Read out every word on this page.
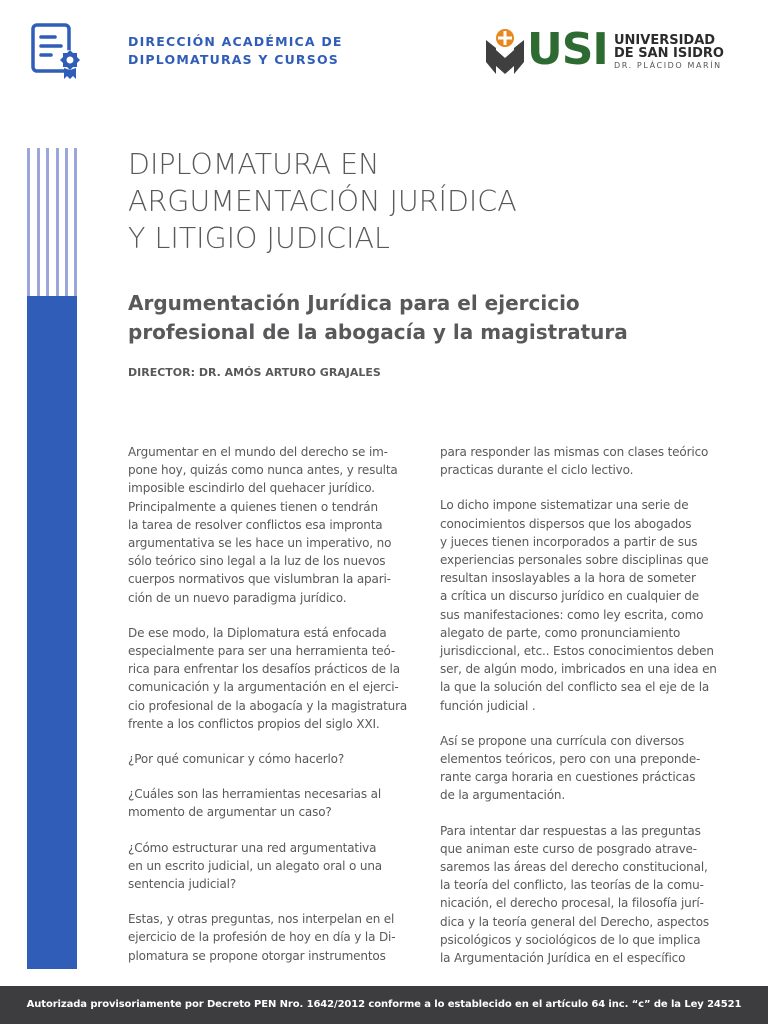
DIRECCIÓN ACADÉMICA DE
DIPLOMATURAS Y CURSOS	USI UNIVERSIDAD
DE SAN ISIDRO
DR. PLÁCIDO MARÍN
DIPLOMATURA EN
ARGUMENTACIÓN JURÍDICA
Y LITIGIO JUDICIAL
Argumentación Jurídica para el ejercicio
profesional de la abogacía y la magistratura
DIRECTOR: DR. AMÓS ARTURO GRAJALES

Argumentar en el mundo del derecho se im-
pone hoy, quizás como nunca antes, y resulta
imposible escindirlo del quehacer jurídico.
Principalmente a quienes tienen o tendrán
la tarea de resolver conflictos esa impronta
argumentativa se les hace un imperativo, no
sólo teórico sino legal a la luz de los nuevos
cuerpos normativos que vislumbran la apari-
ción de un nuevo paradigma jurídico.

De ese modo, la Diplomatura está enfocada
especialmente para ser una herramienta teó-
rica para enfrentar los desafíos prácticos de la
comunicación y la argumentación en el ejerci-
cio profesional de la abogacía y la magistratura
frente a los conflictos propios del siglo XXI.

¿Por qué comunicar y cómo hacerlo?

¿Cuáles son las herramientas necesarias al
momento de argumentar un caso?

¿Cómo estructurar una red argumentativa
en un escrito judicial, un alegato oral o una
sentencia judicial?

Estas, y otras preguntas, nos interpelan en el
ejercicio de la profesión de hoy en día y la Di-
plomatura se propone otorgar instrumentos

para responder las mismas con clases teórico
practicas durante el ciclo lectivo.

Lo dicho impone sistematizar una serie de
conocimientos dispersos que los abogados
y jueces tienen incorporados a partir de sus
experiencias personales sobre disciplinas que
resultan insoslayables a la hora de someter
a crítica un discurso jurídico en cualquier de
sus manifestaciones: como ley escrita, como
alegato de parte, como pronunciamiento
jurisdiccional, etc.. Estos conocimientos deben
ser, de algún modo, imbricados en una idea en
la que la solución del conflicto sea el eje de la
función judicial .

Así se propone una currícula con diversos
elementos teóricos, pero con una preponde-
rante carga horaria en cuestiones prácticas
de la argumentación.

Para intentar dar respuestas a las preguntas
que animan este curso de posgrado atrave-
saremos las áreas del derecho constitucional,
la teoría del conflicto, las teorías de la comu-
nicación, el derecho procesal, la filosofía jurí-
dica y la teoría general del Derecho, aspectos
psicológicos y sociológicos de lo que implica
la Argumentación Jurídica en el específico

Autorizada provisoriamente por Decreto PEN Nro. 1642/2012 conforme a lo establecido en el artículo 64 inc. “c” de la Ley 24521
